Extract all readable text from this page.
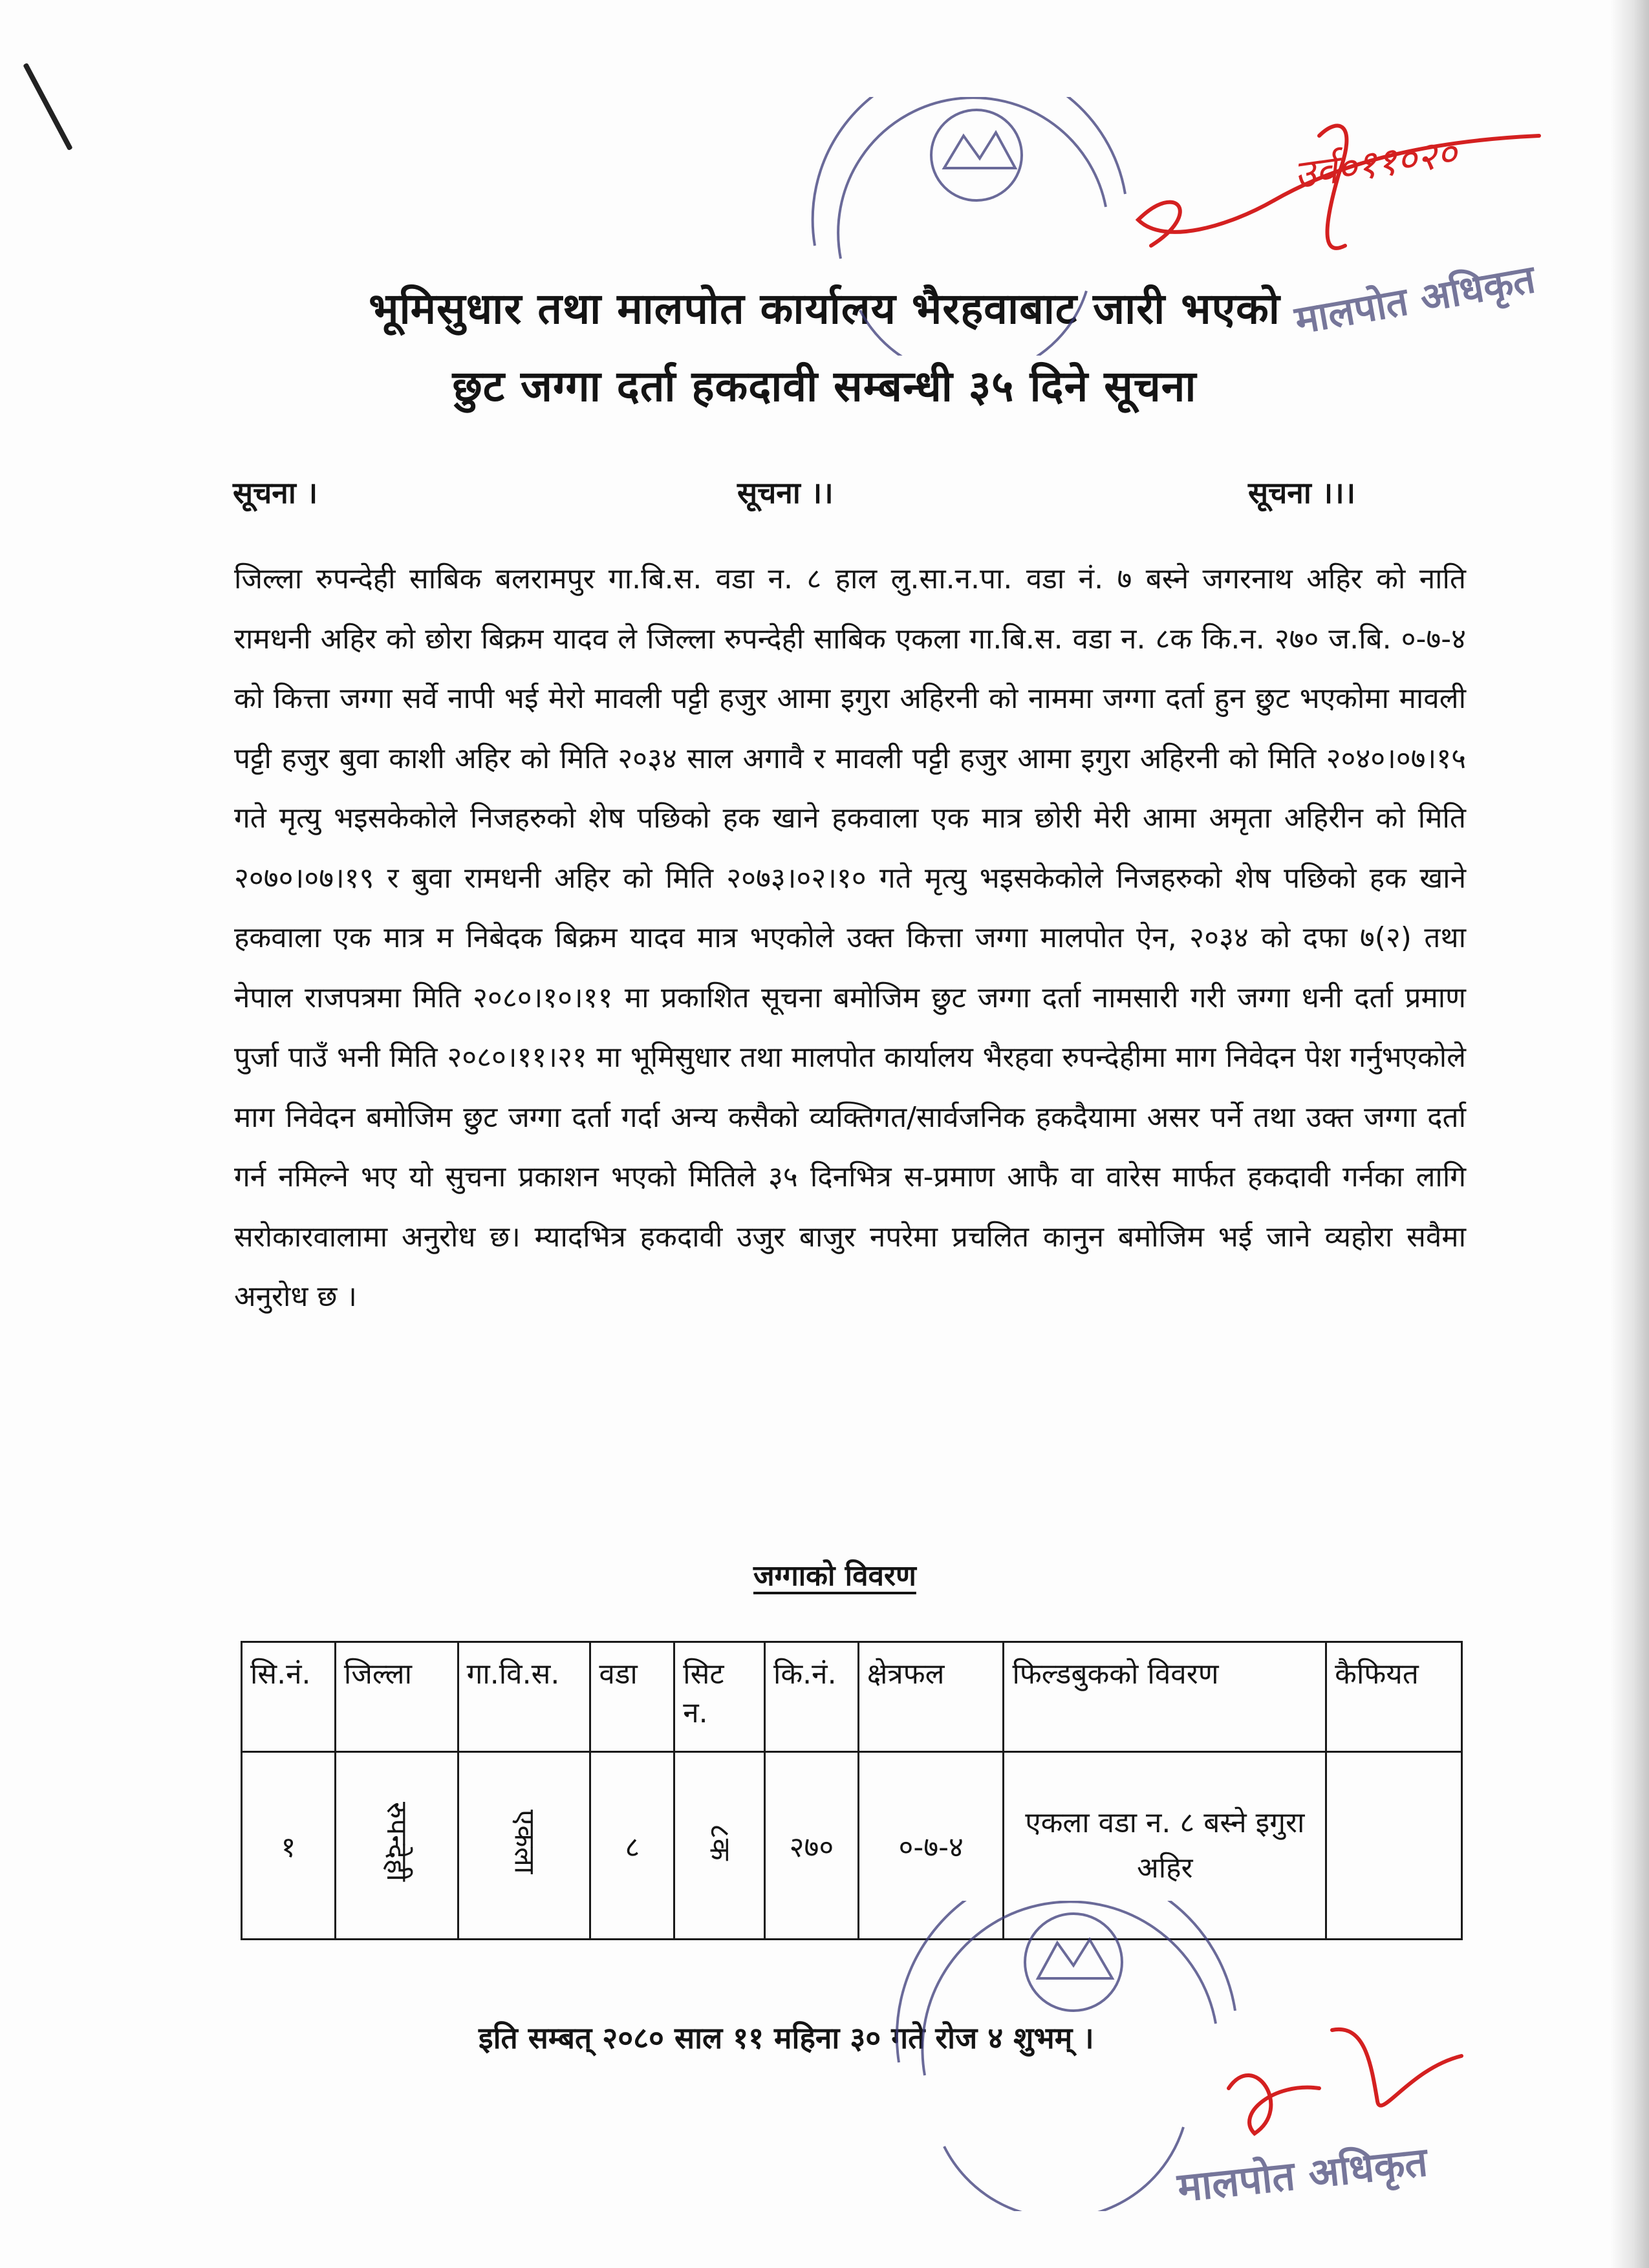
भूमिसुधार तथा मालपोत कार्यालय भैरहवाबाट जारी भएको
छुट जग्गा दर्ता हकदावी सम्बन्धी ३५ दिने सूचना
सूचना ।	सूचना ।।	सूचना ।।।
जिल्ला रुपन्देही साबिक बलरामपुर गा.बि.स. वडा न. ८ हाल लु.सा.न.पा. वडा नं. ७ बस्ने जगरनाथ अहिर को नाति रामधनी अहिर को छोरा बिक्रम यादव ले जिल्ला रुपन्देही साबिक एकला गा.बि.स. वडा न. ८क कि.न. २७० ज.बि. ०-७-४ को कित्ता जग्गा सर्वे नापी भई मेरो मावली पट्टी हजुर आमा इगुरा अहिरनी को नाममा जग्गा दर्ता हुन छुट भएकोमा मावली पट्टी हजुर बुवा काशी अहिर को मिति २०३४ साल अगावै र मावली पट्टी हजुर आमा इगुरा अहिरनी को मिति २०४०।०७।१५ गते मृत्यु भइसकेकोले निजहरुको शेष पछिको हक खाने हकवाला एक मात्र छोरी मेरी आमा अमृता अहिरीन को मिति २०७०।०७।१९ र बुवा रामधनी अहिर को मिति २०७३।०२।१० गते मृत्यु भइसकेकोले निजहरुको शेष पछिको हक खाने हकवाला एक मात्र म निबेदक बिक्रम यादव मात्र भएकोले उक्त कित्ता जग्गा मालपोत ऐन, २०३४ को दफा ७(२) तथा नेपाल राजपत्रमा मिति २०८०।१०।११ मा प्रकाशित सूचना बमोजिम छुट जग्गा दर्ता नामसारी गरी जग्गा धनी दर्ता प्रमाण पुर्जा पाउँ भनी मिति २०८०।११।२१ मा भूमिसुधार तथा मालपोत कार्यालय भैरहवा रुपन्देहीमा माग निवेदन पेश गर्नुभएकोले माग निवेदन बमोजिम छुट जग्गा दर्ता गर्दा अन्य कसैको व्यक्तिगत/सार्वजनिक हकदैयामा असर पर्ने तथा उक्त जग्गा दर्ता गर्न नमिल्ने भए यो सुचना प्रकाशन भएको मितिले ३५ दिनभित्र स-प्रमाण आफै वा वारेस मार्फत हकदावी गर्नका लागि सरोकारवालामा अनुरोध छ। म्यादभित्र हकदावी उजुर बाजुर नपरेमा प्रचलित कानुन बमोजिम भई जाने व्यहोरा सवैमा अनुरोध छ ।
जग्गाको विवरण
सि.नं.	जिल्ला	गा.वि.स.	वडा	सिट न.	कि.नं.	क्षेत्रफल	फिल्डबुकको विवरण	कैफियत
१	रुपन्देही	एकला	८	८क	२७०	०-७-४	एकला वडा न. ८ बस्ने इगुरा अहिर	
इति सम्बत् २०८० साल ११ महिना ३० गते रोज ४ शुभम् ।
उर्व०११०२०
मालपोत अधिकृत
मालपोत अधिकृत
